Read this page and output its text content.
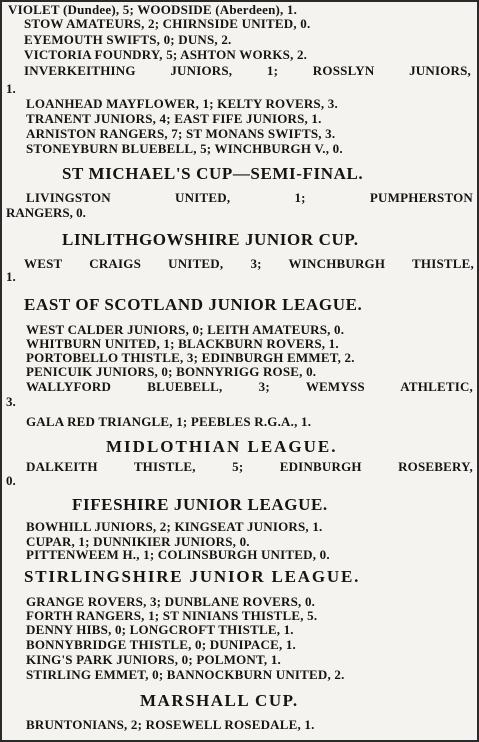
VIOLET (Dundee), 5; WOODSIDE (Aberdeen), 1.
STOW AMATEURS, 2; CHIRNSIDE UNITED, 0.
EYEMOUTH SWIFTS, 0; DUNS, 2.
VICTORIA FOUNDRY, 5; ASHTON WORKS, 2.
INVERKEITHING JUNIORS, 1; ROSSLYN JUNIORS,
1.
LOANHEAD MAYFLOWER, 1; KELTY ROVERS, 3.
TRANENT JUNIORS, 4; EAST FIFE JUNIORS, 1.
ARNISTON RANGERS, 7; ST MONANS SWIFTS, 3.
STONEYBURN BLUEBELL, 5; WINCHBURGH V., 0.
ST MICHAEL'S CUP—SEMI-FINAL.
LIVINGSTON UNITED, 1; PUMPHERSTON
RANGERS, 0.
LINLITHGOWSHIRE JUNIOR CUP.
WEST CRAIGS UNITED, 3; WINCHBURGH THISTLE,
1.
EAST OF SCOTLAND JUNIOR LEAGUE.
WEST CALDER JUNIORS, 0; LEITH AMATEURS, 0.
WHITBURN UNITED, 1; BLACKBURN ROVERS, 1.
PORTOBELLO THISTLE, 3; EDINBURGH EMMET, 2.
PENICUIK JUNIORS, 0; BONNYRIGG ROSE, 0.
WALLYFORD BLUEBELL, 3; WEMYSS ATHLETIC,
3.
GALA RED TRIANGLE, 1; PEEBLES R.G.A., 1.
MIDLOTHIAN LEAGUE.
DALKEITH THISTLE, 5; EDINBURGH ROSEBERY,
0.
FIFESHIRE JUNIOR LEAGUE.
BOWHILL JUNIORS, 2; KINGSEAT JUNIORS, 1.
CUPAR, 1; DUNNIKIER JUNIORS, 0.
PITTENWEEM H., 1; COLINSBURGH UNITED, 0.
STIRLINGSHIRE JUNIOR LEAGUE.
GRANGE ROVERS, 3; DUNBLANE ROVERS, 0.
FORTH RANGERS, 1; ST NINIANS THISTLE, 5.
DENNY HIBS, 0; LONGCROFT THISTLE, 1.
BONNYBRIDGE THISTLE, 0; DUNIPACE, 1.
KING'S PARK JUNIORS, 0; POLMONT, 1.
STIRLING EMMET, 0; BANNOCKBURN UNITED, 2.
MARSHALL CUP.
BRUNTONIANS, 2; ROSEWELL ROSEDALE, 1.
